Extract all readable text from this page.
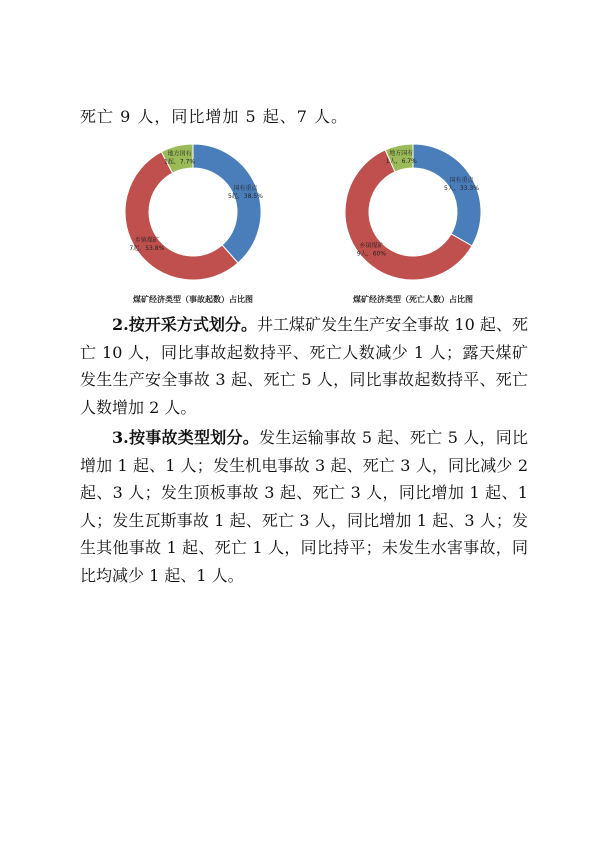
死亡 9 人，同比增加 5 起、7 人。
国有重点
5起，38.5%
乡镇煤矿
7起，53.8%
地方国有
1起，7.7%
煤矿经济类型（事故起数）占比图
国有重点
5人，33.3%
乡镇煤矿
9人，60%
地方国有
1人，6.7%
煤矿经济类型（死亡人数）占比图
2.按开采方式划分。井工煤矿发生生产安全事故 10 起、死亡 10 人，同比事故起数持平、死亡人数减少 1 人；露天煤矿发生生产安全事故 3 起、死亡 5 人，同比事故起数持平、死亡人数增加 2 人。
3.按事故类型划分。发生运输事故 5 起、死亡 5 人，同比增加 1 起、1 人；发生机电事故 3 起、死亡 3 人，同比减少 2 起、3 人；发生顶板事故 3 起、死亡 3 人，同比增加 1 起、1 人；发生瓦斯事故 1 起、死亡 3 人，同比增加 1 起、3 人；发生其他事故 1 起、死亡 1 人，同比持平；未发生水害事故，同比均减少 1 起、1 人。
